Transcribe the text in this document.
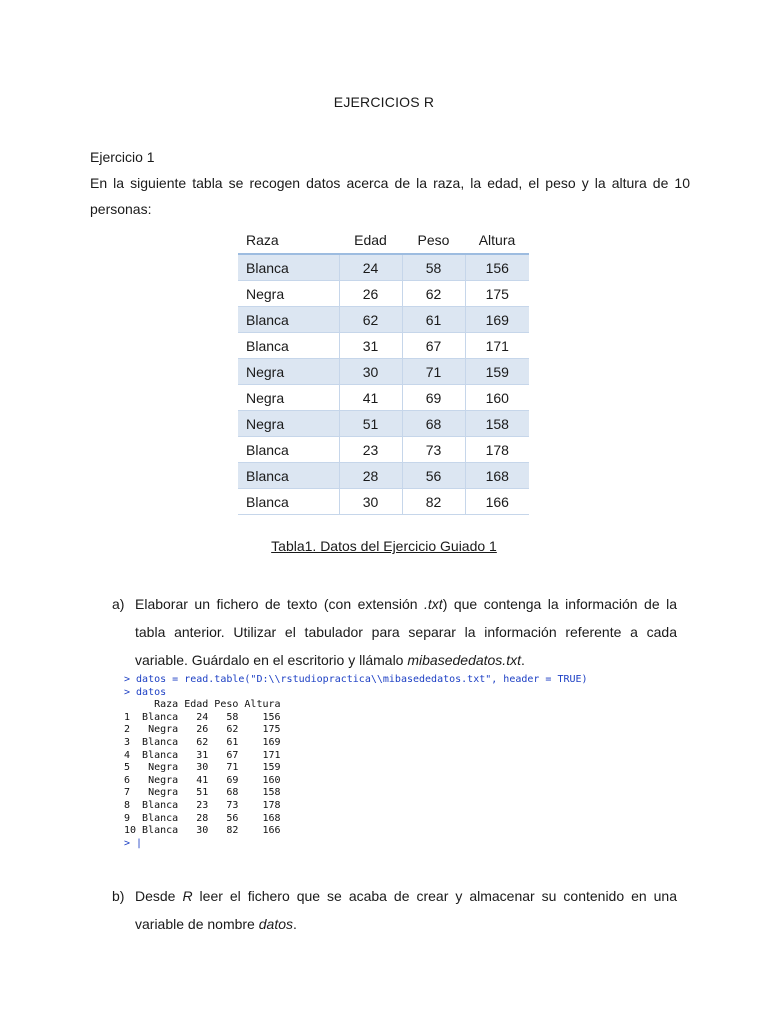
EJERCICIOS R
Ejercicio 1
En la siguiente tabla se recogen datos acerca de la raza, la edad, el peso y la altura de 10 personas:
Raza	Edad	Peso	Altura
Blanca	24	58	156
Negra	26	62	175
Blanca	62	61	169
Blanca	31	67	171
Negra	30	71	159
Negra	41	69	160
Negra	51	68	158
Blanca	23	73	178
Blanca	28	56	168
Blanca	30	82	166
Tabla1. Datos del Ejercicio Guiado 1
a) Elaborar un fichero de texto (con extensión .txt) que contenga la información de la tabla anterior. Utilizar el tabulador para separar la información referente a cada variable. Guárdalo en el escritorio y llámalo mibasededatos.txt.
> datos = read.table("D:\\rstudiopractica\\mibasededatos.txt", header = TRUE)
> datos
Raza Edad Peso Altura
1  Blanca   24   58    156
2   Negra   26   62    175
3  Blanca   62   61    169
4  Blanca   31   67    171
5   Negra   30   71    159
6   Negra   41   69    160
7   Negra   51   68    158
8  Blanca   23   73    178
9  Blanca   28   56    168
10 Blanca   30   82    166
> |
b) Desde R leer el fichero que se acaba de crear y almacenar su contenido en una variable de nombre datos.
